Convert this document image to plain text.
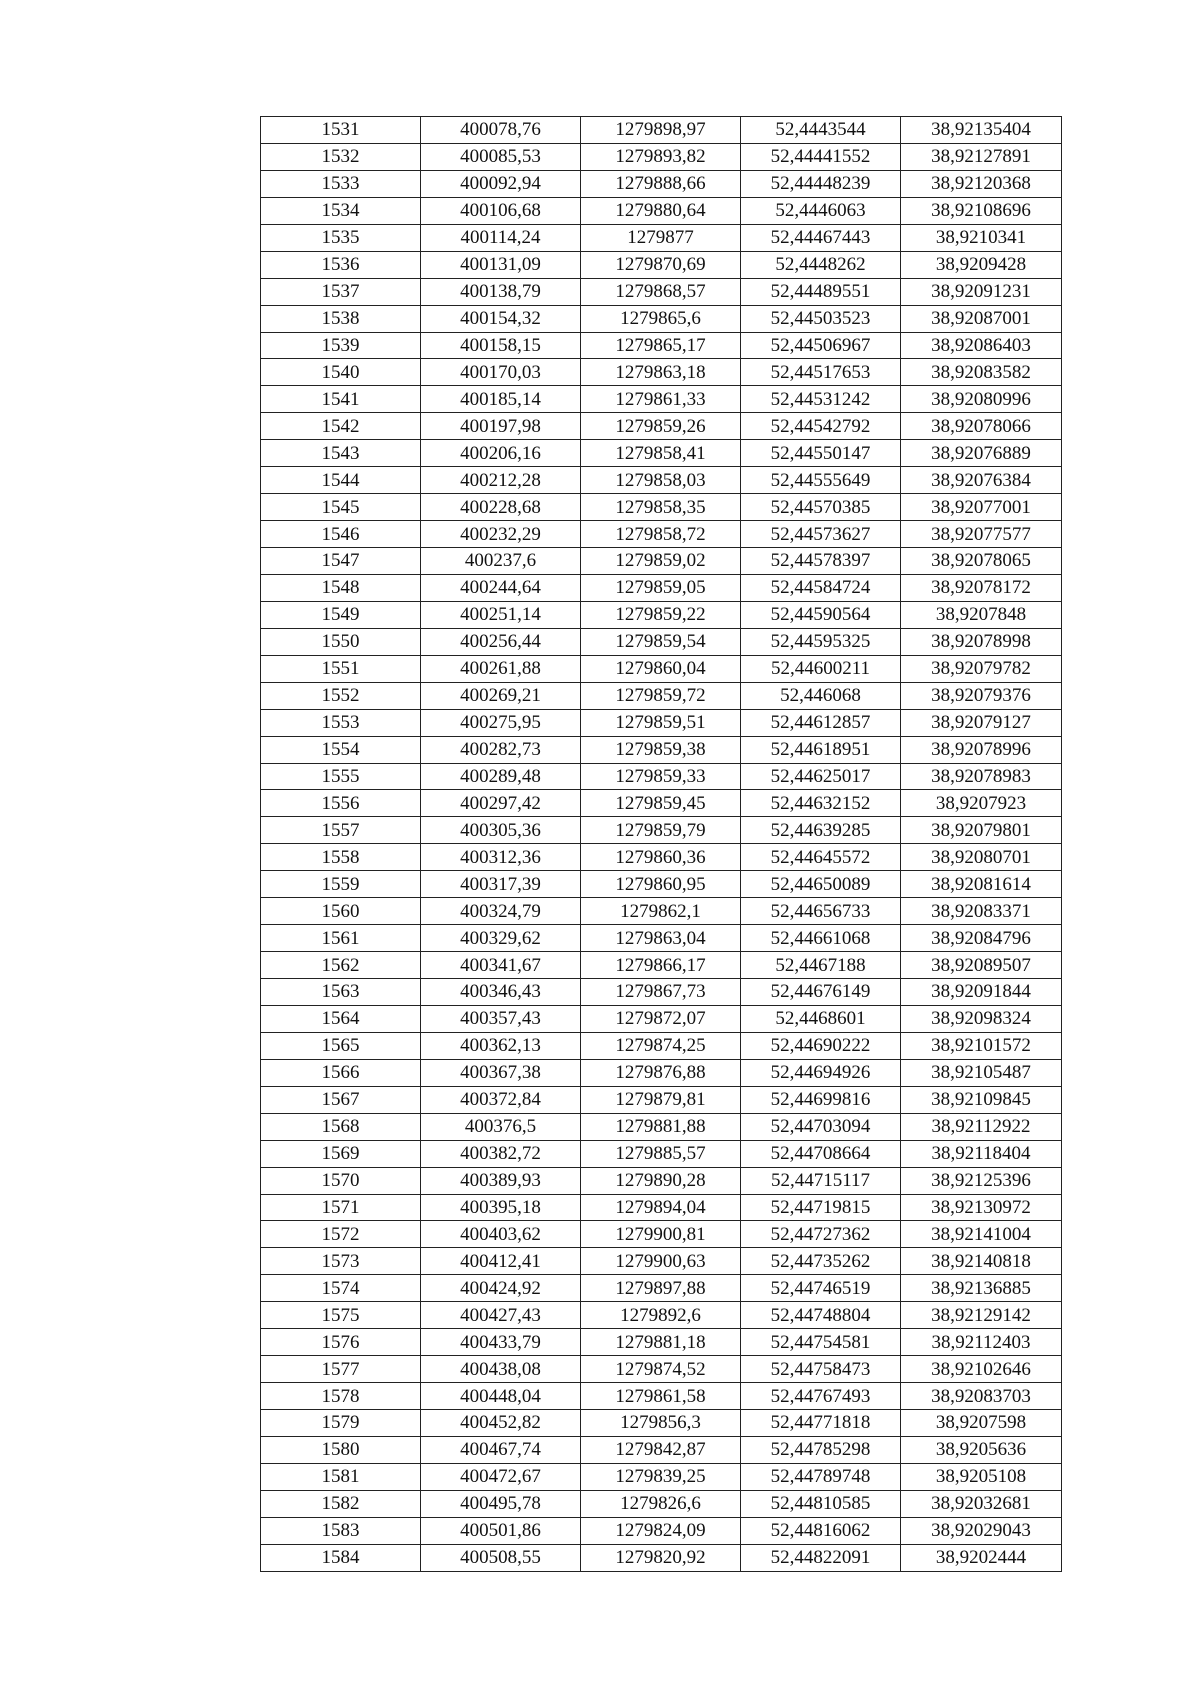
1531	400078,76	1279898,97	52,4443544	38,92135404
1532	400085,53	1279893,82	52,44441552	38,92127891
1533	400092,94	1279888,66	52,44448239	38,92120368
1534	400106,68	1279880,64	52,4446063	38,92108696
1535	400114,24	1279877	52,44467443	38,9210341
1536	400131,09	1279870,69	52,4448262	38,9209428
1537	400138,79	1279868,57	52,44489551	38,92091231
1538	400154,32	1279865,6	52,44503523	38,92087001
1539	400158,15	1279865,17	52,44506967	38,92086403
1540	400170,03	1279863,18	52,44517653	38,92083582
1541	400185,14	1279861,33	52,44531242	38,92080996
1542	400197,98	1279859,26	52,44542792	38,92078066
1543	400206,16	1279858,41	52,44550147	38,92076889
1544	400212,28	1279858,03	52,44555649	38,92076384
1545	400228,68	1279858,35	52,44570385	38,92077001
1546	400232,29	1279858,72	52,44573627	38,92077577
1547	400237,6	1279859,02	52,44578397	38,92078065
1548	400244,64	1279859,05	52,44584724	38,92078172
1549	400251,14	1279859,22	52,44590564	38,9207848
1550	400256,44	1279859,54	52,44595325	38,92078998
1551	400261,88	1279860,04	52,44600211	38,92079782
1552	400269,21	1279859,72	52,446068	38,92079376
1553	400275,95	1279859,51	52,44612857	38,92079127
1554	400282,73	1279859,38	52,44618951	38,92078996
1555	400289,48	1279859,33	52,44625017	38,92078983
1556	400297,42	1279859,45	52,44632152	38,9207923
1557	400305,36	1279859,79	52,44639285	38,92079801
1558	400312,36	1279860,36	52,44645572	38,92080701
1559	400317,39	1279860,95	52,44650089	38,92081614
1560	400324,79	1279862,1	52,44656733	38,92083371
1561	400329,62	1279863,04	52,44661068	38,92084796
1562	400341,67	1279866,17	52,4467188	38,92089507
1563	400346,43	1279867,73	52,44676149	38,92091844
1564	400357,43	1279872,07	52,4468601	38,92098324
1565	400362,13	1279874,25	52,44690222	38,92101572
1566	400367,38	1279876,88	52,44694926	38,92105487
1567	400372,84	1279879,81	52,44699816	38,92109845
1568	400376,5	1279881,88	52,44703094	38,92112922
1569	400382,72	1279885,57	52,44708664	38,92118404
1570	400389,93	1279890,28	52,44715117	38,92125396
1571	400395,18	1279894,04	52,44719815	38,92130972
1572	400403,62	1279900,81	52,44727362	38,92141004
1573	400412,41	1279900,63	52,44735262	38,92140818
1574	400424,92	1279897,88	52,44746519	38,92136885
1575	400427,43	1279892,6	52,44748804	38,92129142
1576	400433,79	1279881,18	52,44754581	38,92112403
1577	400438,08	1279874,52	52,44758473	38,92102646
1578	400448,04	1279861,58	52,44767493	38,92083703
1579	400452,82	1279856,3	52,44771818	38,9207598
1580	400467,74	1279842,87	52,44785298	38,9205636
1581	400472,67	1279839,25	52,44789748	38,9205108
1582	400495,78	1279826,6	52,44810585	38,92032681
1583	400501,86	1279824,09	52,44816062	38,92029043
1584	400508,55	1279820,92	52,44822091	38,9202444
